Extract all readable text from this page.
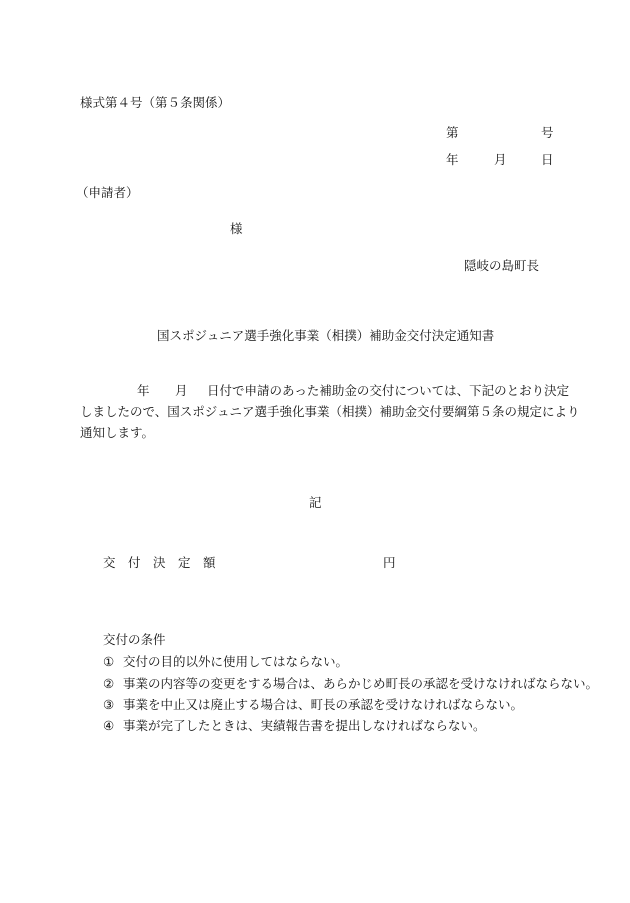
様式第４号（第５条関係）
第	号
年	月	日
（申請者）
様
隠岐の島町長
国スポジュニア選手強化事業（相撲）補助金交付決定通知書
年 月 日付で申請のあった補助金の交付については、下記のとおり決定
しましたので、国スポジュニア選手強化事業（相撲）補助金交付要綱第５条の規定により
通知します。
記
交　付　決　定　額	円
交付の条件
① 交付の目的以外に使用してはならない。
② 事業の内容等の変更をする場合は、あらかじめ町長の承認を受けなければならない。
③ 事業を中止又は廃止する場合は、町長の承認を受けなければならない。
④ 事業が完了したときは、実績報告書を提出しなければならない。
